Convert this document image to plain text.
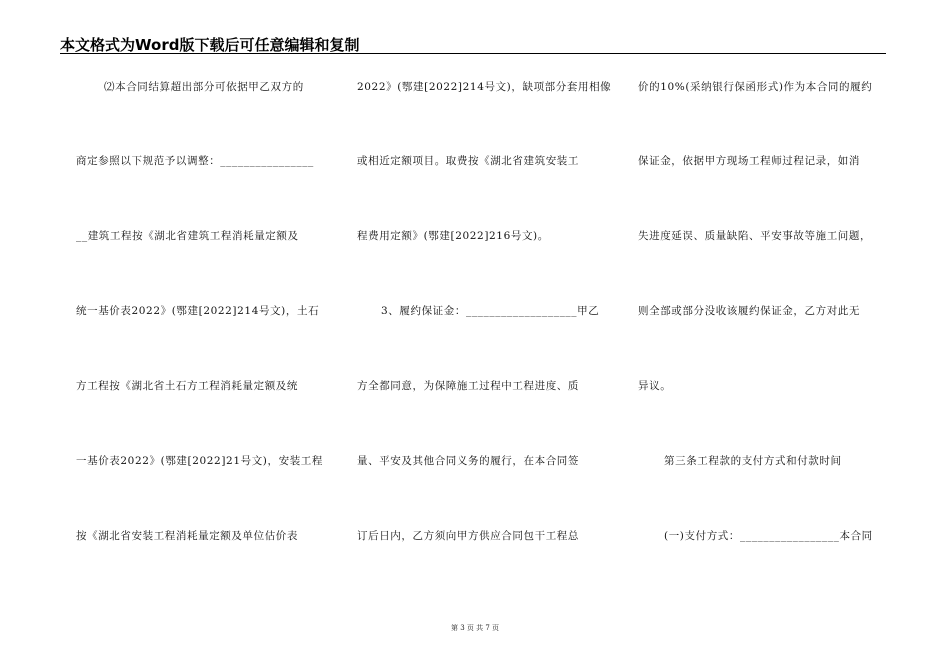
本文格式为Word版下载后可任意编辑和复制
⑵本合同结算超出部分可依据甲乙双方的
商定参照以下规范予以调整：________________
__建筑工程按《湖北省建筑工程消耗量定额及
统一基价表2022》(鄂建[2022]214号文)，土石
方工程按《湖北省土石方工程消耗量定额及统
一基价表2022》(鄂建[2022]21号文)，安装工程
按《湖北省安装工程消耗量定额及单位估价表
2022》(鄂建[2022]214号文)，缺项部分套用相像
或相近定额项目。取费按《湖北省建筑安装工
程费用定额》(鄂建[2022]216号文)。
3、履约保证金：___________________甲乙
方全都同意，为保障施工过程中工程进度、质
量、平安及其他合同义务的履行，在本合同签
订后日内，乙方须向甲方供应合同包干工程总
价的10%(采纳银行保函形式)作为本合同的履约
保证金，依据甲方现场工程师过程记录，如消
失进度延误、质量缺陷、平安事故等施工问题，
则全部或部分没收该履约保证金，乙方对此无
异议。
第三条工程款的支付方式和付款时间
(一)支付方式：_________________本合同
第 3 页 共 7 页
